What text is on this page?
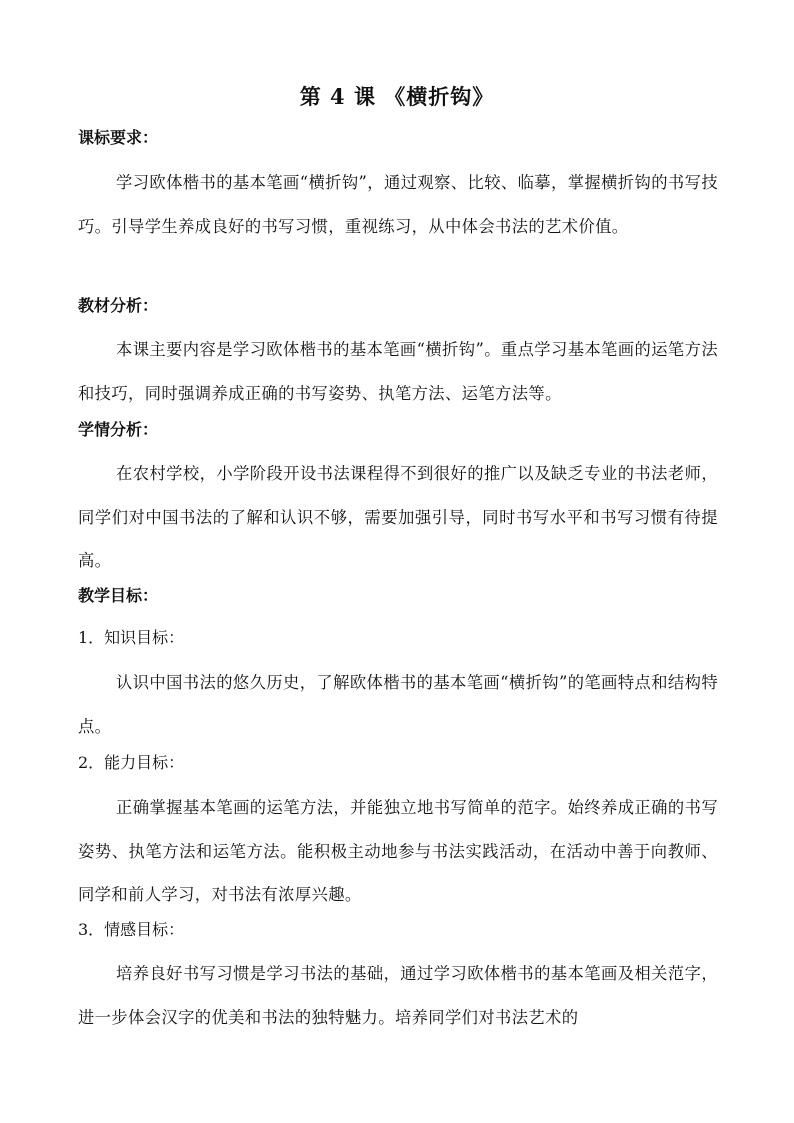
第 4 课 《横折钩》
课标要求：
学习欧体楷书的基本笔画“横折钩”，通过观察、比较、临摹，掌握横折钩的书写技巧。引导学生养成良好的书写习惯，重视练习，从中体会书法的艺术价值。
教材分析：
本课主要内容是学习欧体楷书的基本笔画“横折钩”。重点学习基本笔画的运笔方法和技巧，同时强调养成正确的书写姿势、执笔方法、运笔方法等。
学情分析：
在农村学校，小学阶段开设书法课程得不到很好的推广以及缺乏专业的书法老师，同学们对中国书法的了解和认识不够，需要加强引导，同时书写水平和书写习惯有待提高。
教学目标：
1．知识目标：
认识中国书法的悠久历史，了解欧体楷书的基本笔画“横折钩”的笔画特点和结构特点。
2．能力目标：
正确掌握基本笔画的运笔方法，并能独立地书写简单的范字。始终养成正确的书写姿势、执笔方法和运笔方法。能积极主动地参与书法实践活动，在活动中善于向教师、同学和前人学习，对书法有浓厚兴趣。
3．情感目标：
培养良好书写习惯是学习书法的基础，通过学习欧体楷书的基本笔画及相关范字，进一步体会汉字的优美和书法的独特魅力。培养同学们对书法艺术的
